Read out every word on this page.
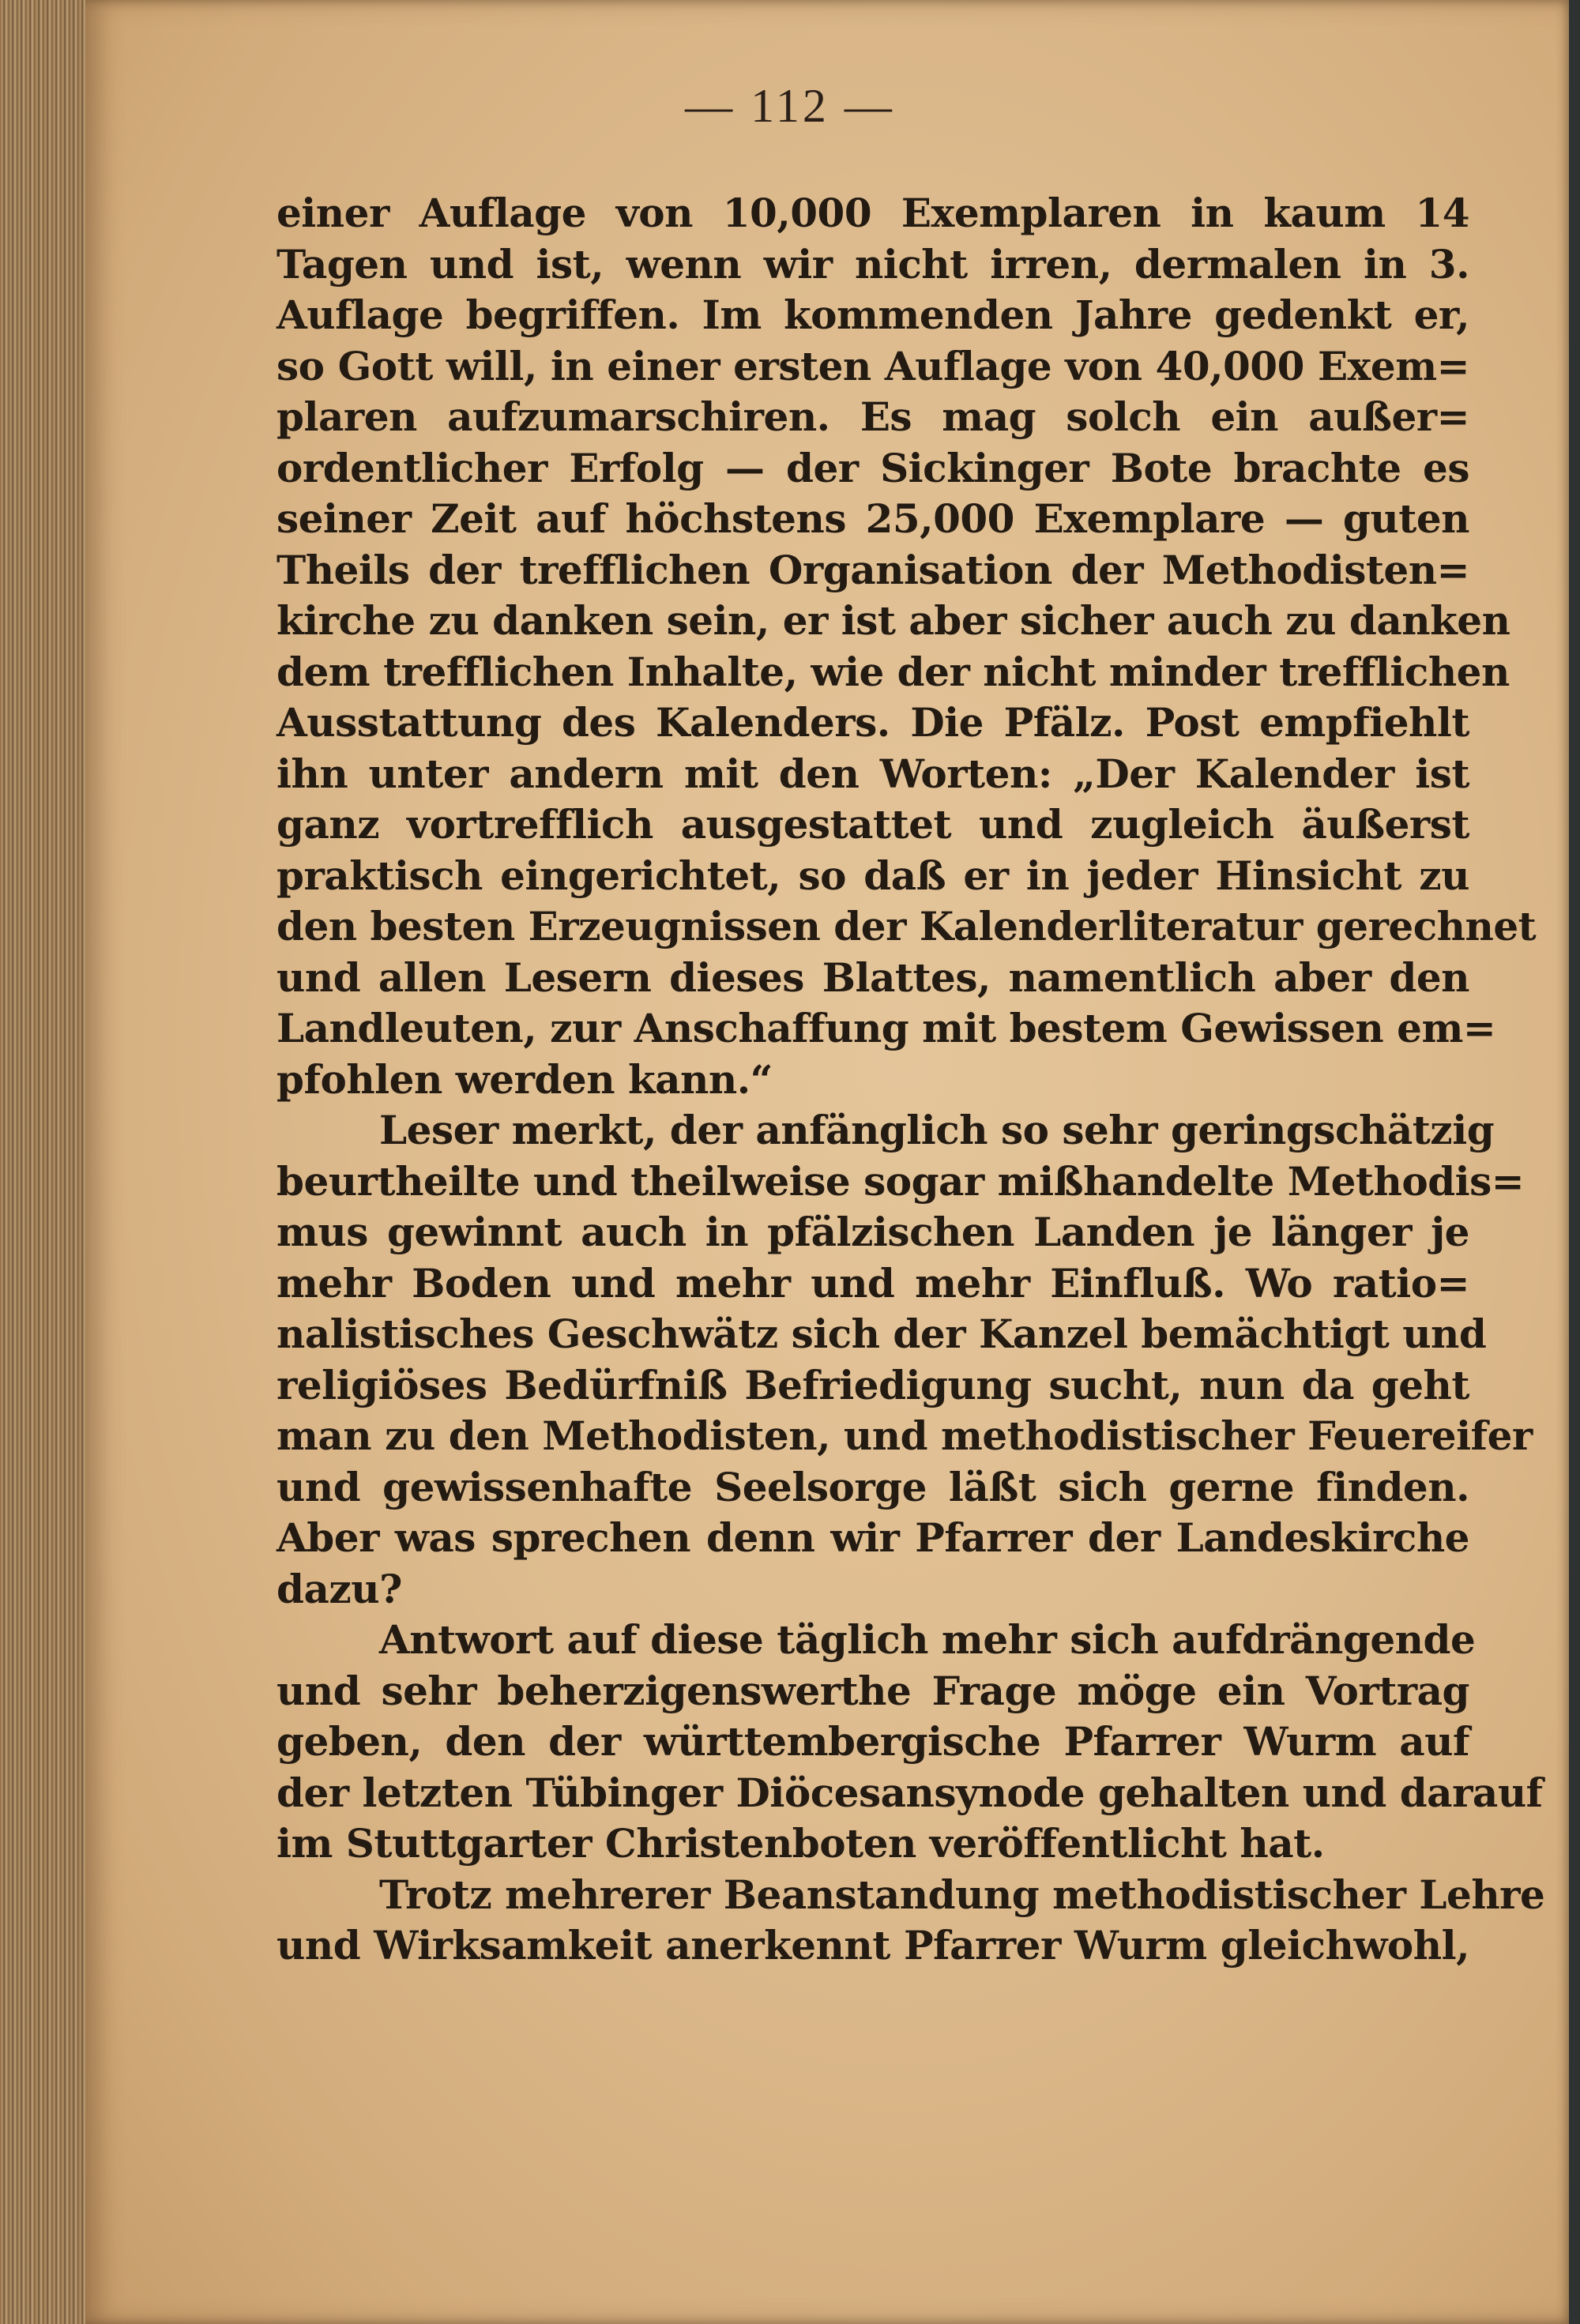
— 112 —
einer Auflage von 10,000 Exemplaren in kaum 14
Tagen und ist, wenn wir nicht irren, dermalen in 3.
Auflage begriffen. Im kommenden Jahre gedenkt er,
so Gott will, in einer ersten Auflage von 40,000 Exem=
plaren aufzumarschiren. Es mag solch ein außer=
ordentlicher Erfolg — der Sickinger Bote brachte es
seiner Zeit auf höchstens 25,000 Exemplare — guten
Theils der trefflichen Organisation der Methodisten=
kirche zu danken sein, er ist aber sicher auch zu danken
dem trefflichen Inhalte, wie der nicht minder trefflichen
Ausstattung des Kalenders. Die Pfälz. Post empfiehlt
ihn unter andern mit den Worten: „Der Kalender ist
ganz vortrefflich ausgestattet und zugleich äußerst
praktisch eingerichtet, so daß er in jeder Hinsicht zu
den besten Erzeugnissen der Kalenderliteratur gerechnet
und allen Lesern dieses Blattes, namentlich aber den
Landleuten, zur Anschaffung mit bestem Gewissen em=
pfohlen werden kann.“
Leser merkt, der anfänglich so sehr geringschätzig
beurtheilte und theilweise sogar mißhandelte Methodis=
mus gewinnt auch in pfälzischen Landen je länger je
mehr Boden und mehr und mehr Einfluß. Wo ratio=
nalistisches Geschwätz sich der Kanzel bemächtigt und
religiöses Bedürfniß Befriedigung sucht, nun da geht
man zu den Methodisten, und methodistischer Feuereifer
und gewissenhafte Seelsorge läßt sich gerne finden.
Aber was sprechen denn wir Pfarrer der Landeskirche
dazu?
Antwort auf diese täglich mehr sich aufdrängende
und sehr beherzigenswerthe Frage möge ein Vortrag
geben, den der württembergische Pfarrer Wurm auf
der letzten Tübinger Diöcesansynode gehalten und darauf
im Stuttgarter Christenboten veröffentlicht hat.
Trotz mehrerer Beanstandung methodistischer Lehre
und Wirksamkeit anerkennt Pfarrer Wurm gleichwohl,
